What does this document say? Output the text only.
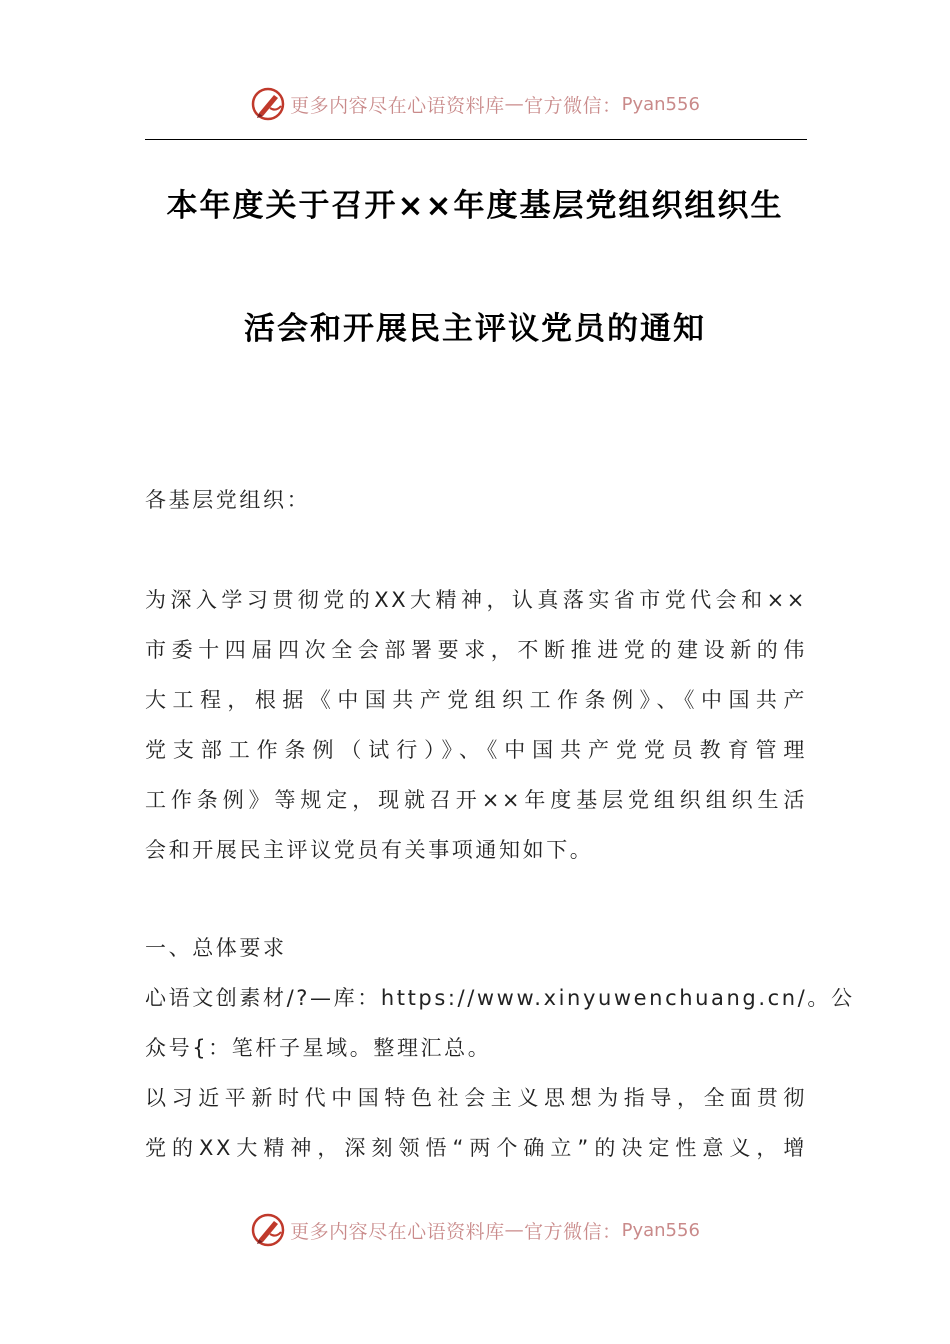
更多内容尽在心语资料库 — 官方微信： Pyan556
本年度关于召开××年度基层党组织组织生
活会和开展民主评议党员的通知
各基层党组织：
为深入学习贯彻党的XX大精神，认真落实省市党代会和××
市委十四届四次全会部署要求，不断推进党的建设新的伟
大工程，根据《中国共产党组织工作条例》、《中国共产
党支部工作条例（试行）》、《中国共产党党员教育管理
工作条例》等规定，现就召开××年度基层党组织组织生活
会和开展民主评议党员有关事项通知如下。
一、总体要求
心语文创素材/?—库：https://www.xinyuwenchuang.cn/。公
众号{：笔杆子星域。整理汇总。
以习近平新时代中国特色社会主义思想为指导，全面贯彻
党的XX大精神，深刻领悟“两个确立”的决定性意义，增
更多内容尽在心语资料库 — 官方微信： Pyan556
